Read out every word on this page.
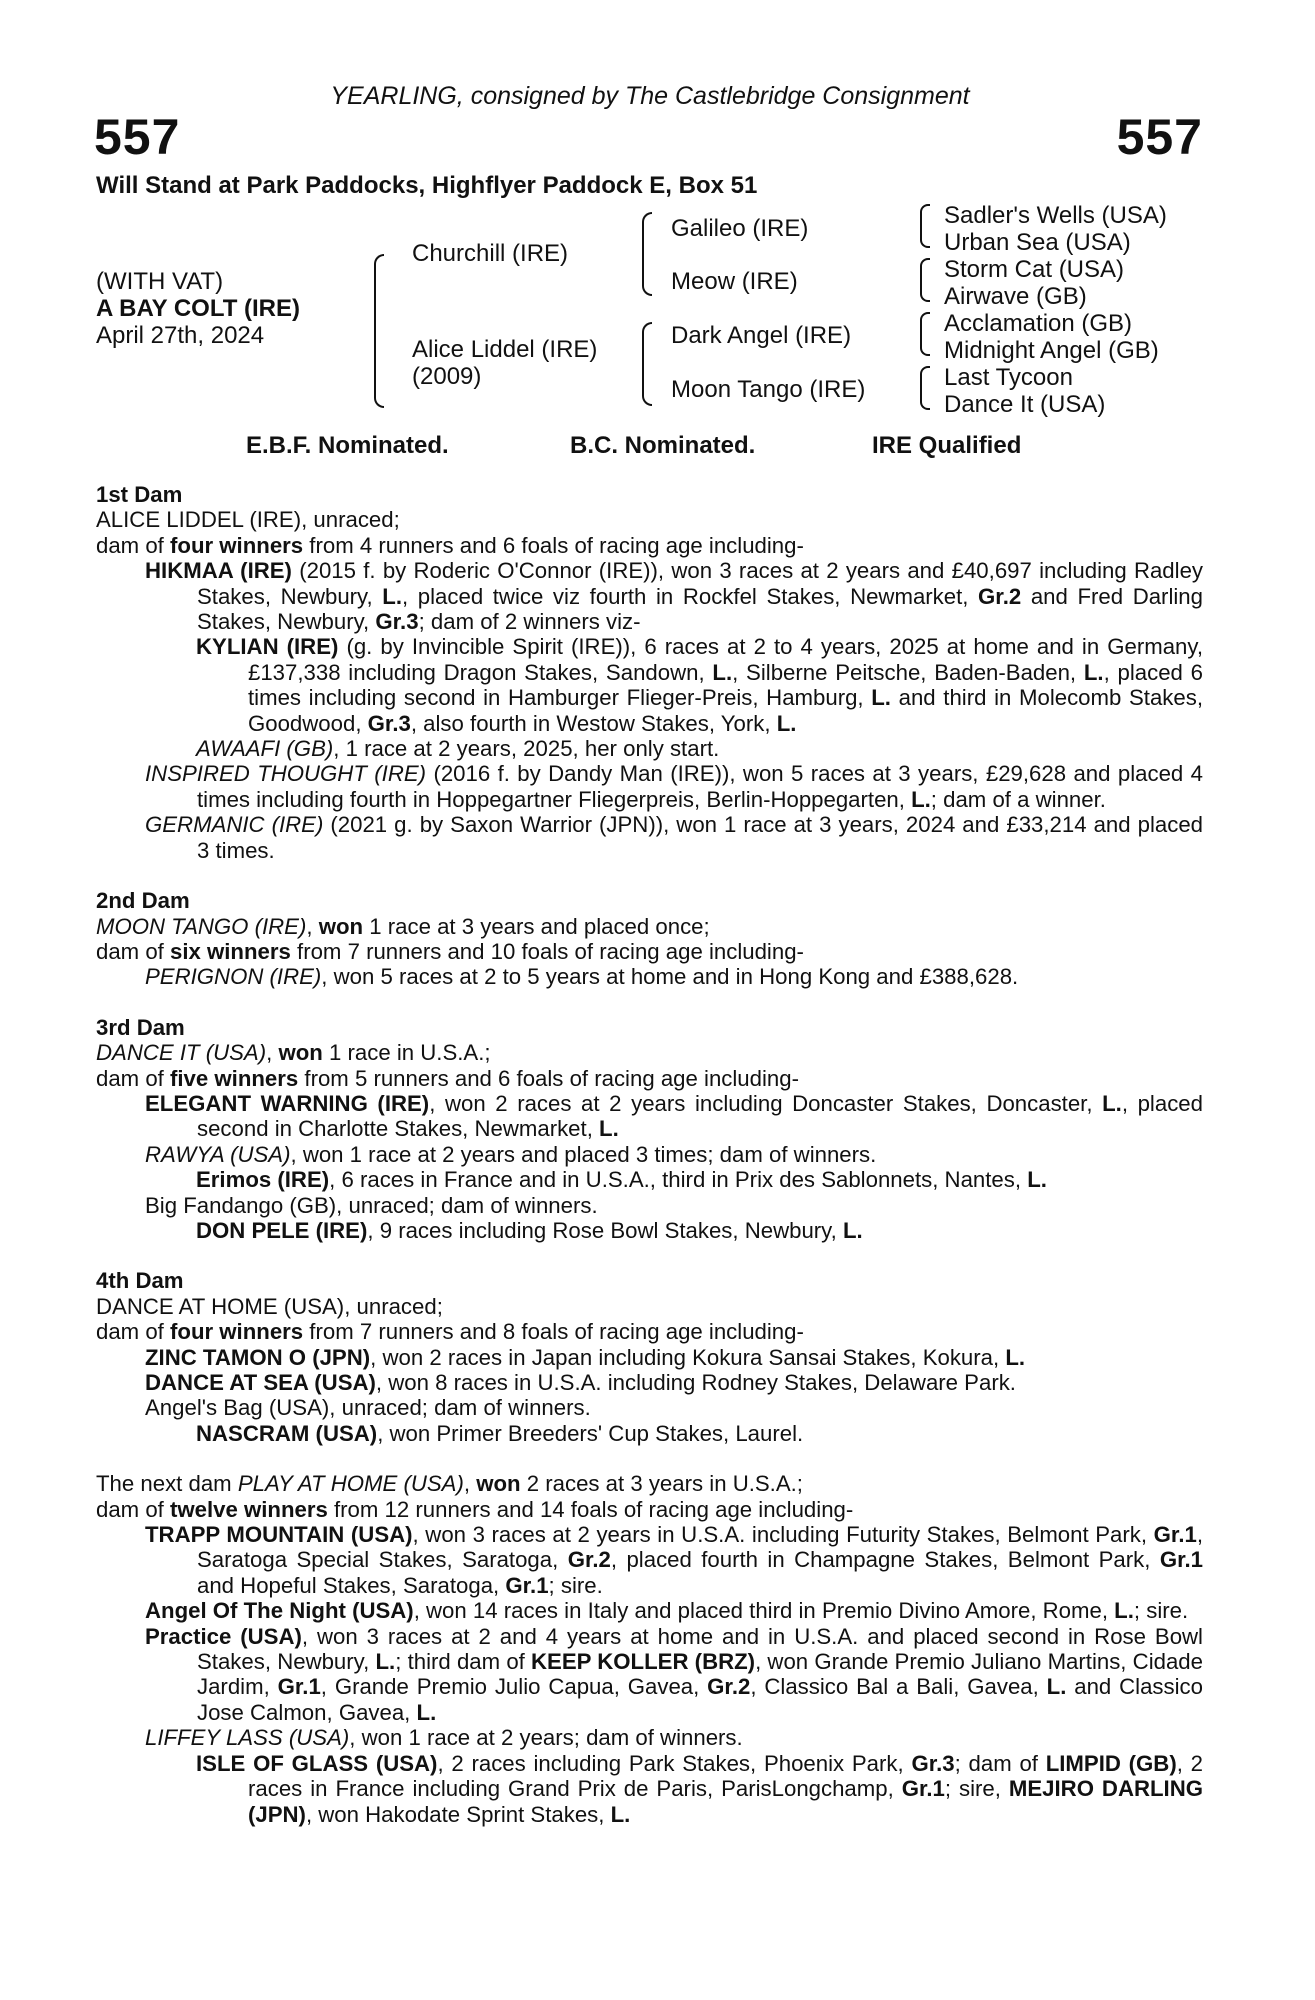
YEARLING, consigned by The Castlebridge Consignment
557	557
Will Stand at Park Paddocks, Highflyer Paddock E, Box 51
(WITH VAT)
A BAY COLT (IRE)
April 27th, 2024
Churchill (IRE)
Alice Liddel (IRE)
(2009)
Galileo (IRE)
Meow (IRE)
Dark Angel (IRE)
Moon Tango (IRE)
Sadler's Wells (USA)
Urban Sea (USA)
Storm Cat (USA)
Airwave (GB)
Acclamation (GB)
Midnight Angel (GB)
Last Tycoon
Dance It (USA)
E.B.F. Nominated.	B.C. Nominated.	IRE Qualified

1st Dam

ALICE LIDDEL (IRE), unraced;

dam of four winners from 4 runners and 6 foals of racing age including-

HIKMAA (IRE) (2015 f. by Roderic O'Connor (IRE)), won 3 races at 2 years and £40,697 including Radley Stakes, Newbury, L., placed twice viz fourth in Rockfel Stakes, Newmarket, Gr.2 and Fred Darling Stakes, Newbury, Gr.3; dam of 2 winners viz-

KYLIAN (IRE) (g. by Invincible Spirit (IRE)), 6 races at 2 to 4 years, 2025 at home and in Germany, £137,338 including Dragon Stakes, Sandown, L., Silberne Peitsche, Baden-Baden, L., placed 6 times including second in Hamburger Flieger-Preis, Hamburg, L. and third in Molecomb Stakes, Goodwood, Gr.3, also fourth in Westow Stakes, York, L.

AWAAFI (GB), 1 race at 2 years, 2025, her only start.

INSPIRED THOUGHT (IRE) (2016 f. by Dandy Man (IRE)), won 5 races at 3 years, £29,628 and placed 4 times including fourth in Hoppegartner Fliegerpreis, Berlin-Hoppegarten, L.; dam of a winner.

GERMANIC (IRE) (2021 g. by Saxon Warrior (JPN)), won 1 race at 3 years, 2024 and £33,214 and placed 3 times.

2nd Dam

MOON TANGO (IRE), won 1 race at 3 years and placed once;

dam of six winners from 7 runners and 10 foals of racing age including-

PERIGNON (IRE), won 5 races at 2 to 5 years at home and in Hong Kong and £388,628.

3rd Dam

DANCE IT (USA), won 1 race in U.S.A.;

dam of five winners from 5 runners and 6 foals of racing age including-

ELEGANT WARNING (IRE), won 2 races at 2 years including Doncaster Stakes, Doncaster, L., placed second in Charlotte Stakes, Newmarket, L.

RAWYA (USA), won 1 race at 2 years and placed 3 times; dam of winners.

Erimos (IRE), 6 races in France and in U.S.A., third in Prix des Sablonnets, Nantes, L.

Big Fandango (GB), unraced; dam of winners.

DON PELE (IRE), 9 races including Rose Bowl Stakes, Newbury, L.

4th Dam

DANCE AT HOME (USA), unraced;

dam of four winners from 7 runners and 8 foals of racing age including-

ZINC TAMON O (JPN), won 2 races in Japan including Kokura Sansai Stakes, Kokura, L.

DANCE AT SEA (USA), won 8 races in U.S.A. including Rodney Stakes, Delaware Park.

Angel's Bag (USA), unraced; dam of winners.

NASCRAM (USA), won Primer Breeders' Cup Stakes, Laurel.

The next dam PLAY AT HOME (USA), won 2 races at 3 years in U.S.A.;

dam of twelve winners from 12 runners and 14 foals of racing age including-

TRAPP MOUNTAIN (USA), won 3 races at 2 years in U.S.A. including Futurity Stakes, Belmont Park, Gr.1, Saratoga Special Stakes, Saratoga, Gr.2, placed fourth in Champagne Stakes, Belmont Park, Gr.1 and Hopeful Stakes, Saratoga, Gr.1; sire.

Angel Of The Night (USA), won 14 races in Italy and placed third in Premio Divino Amore, Rome, L.; sire.

Practice (USA), won 3 races at 2 and 4 years at home and in U.S.A. and placed second in Rose Bowl Stakes, Newbury, L.; third dam of KEEP KOLLER (BRZ), won Grande Premio Juliano Martins, Cidade Jardim, Gr.1, Grande Premio Julio Capua, Gavea, Gr.2, Classico Bal a Bali, Gavea, L. and Classico Jose Calmon, Gavea, L.

LIFFEY LASS (USA), won 1 race at 2 years; dam of winners.

ISLE OF GLASS (USA), 2 races including Park Stakes, Phoenix Park, Gr.3; dam of LIMPID (GB), 2 races in France including Grand Prix de Paris, ParisLongchamp, Gr.1; sire, MEJIRO DARLING (JPN), won Hakodate Sprint Stakes, L.
